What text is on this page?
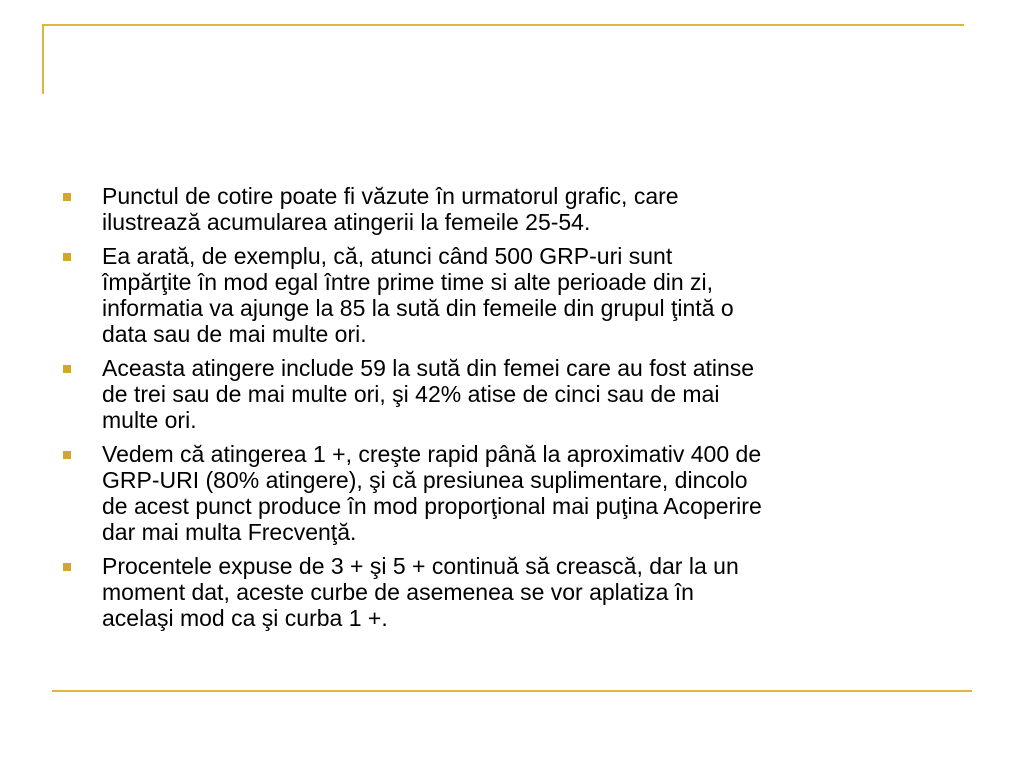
Punctul de cotire poate fi văzute în urmatorul grafic, care
ilustrează acumularea atingerii la femeile 25-54.
Ea arată, de exemplu, că, atunci când 500 GRP-uri sunt
împărţite în mod egal între prime time si alte perioade din zi,
informatia va ajunge la 85 la sută din femeile din grupul ţintă o
data sau de mai multe ori.
Aceasta atingere include 59 la sută din femei care au fost atinse
de trei sau de mai multe ori, şi 42% atise de cinci sau de mai
multe ori.
Vedem că atingerea 1 +, creşte rapid până la aproximativ 400 de
GRP-URI (80% atingere), şi că presiunea suplimentare, dincolo
de acest punct produce în mod proporţional mai puţina Acoperire
dar mai multa Frecvenţă.
Procentele expuse de 3 + şi 5 + continuă să crească, dar la un
moment dat, aceste curbe de asemenea se vor aplatiza în
acelaşi mod ca şi curba 1 +.
